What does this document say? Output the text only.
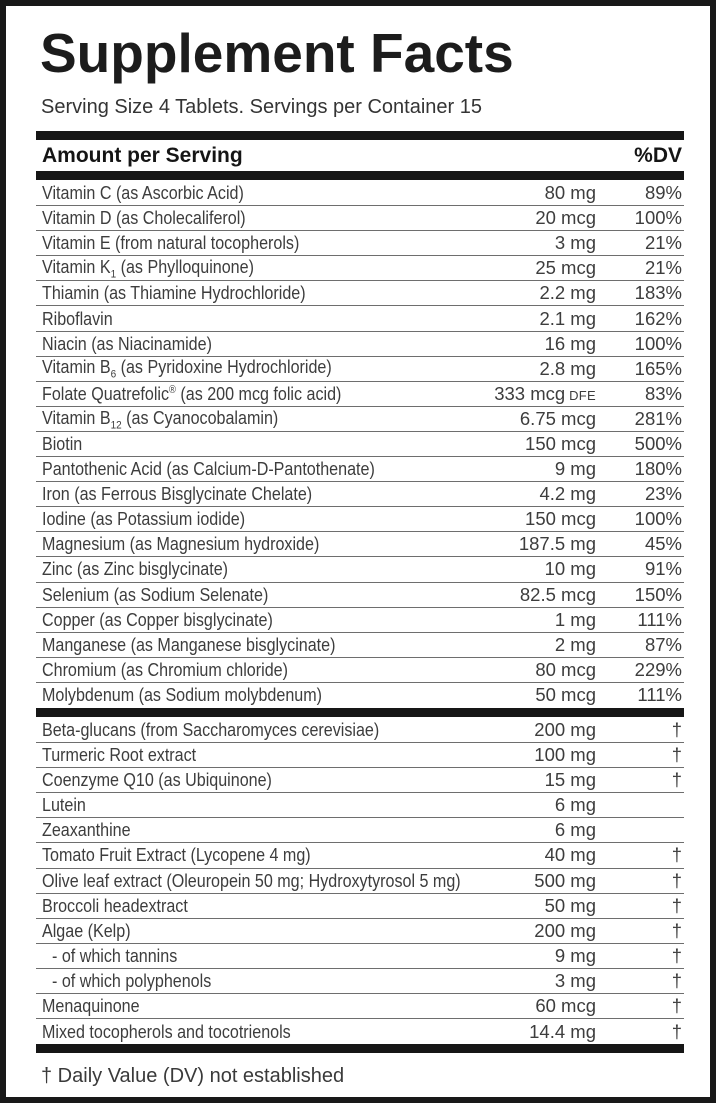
Supplement Facts
Serving Size 4 Tablets. Servings per Container 15
Amount per Serving	%DV
Vitamin C (as Ascorbic Acid)	80 mg	89%
Vitamin D (as Cholecaliferol)	20 mcg	100%
Vitamin E (from natural tocopherols)	3 mg	21%
Vitamin $K_1$ (as Phylloquinone)	25 mcg	21%
Thiamin (as Thiamine Hydrochloride)	2.2 mg	183%
Riboflavin	2.1 mg	162%
Niacin (as Niacinamide)	16 mg	100%
Vitamin $B_6$ (as Pyridoxine Hydrochloride)	2.8 mg	165%
Folate Quatrefolic® (as 200 mcg folic acid)	333 mcg DFE	83%
Vitamin $B_{12}$ (as Cyanocobalamin)	6.75 mcg	281%
Biotin	150 mcg	500%
Pantothenic Acid (as Calcium-D-Pantothenate)	9 mg	180%
Iron (as Ferrous Bisglycinate Chelate)	4.2 mg	23%
Iodine (as Potassium iodide)	150 mcg	100%
Magnesium (as Magnesium hydroxide)	187.5 mg	45%
Zinc (as Zinc bisglycinate)	10 mg	91%
Selenium (as Sodium Selenate)	82.5 mcg	150%
Copper (as Copper bisglycinate)	1 mg	111%
Manganese (as Manganese bisglycinate)	2 mg	87%
Chromium (as Chromium chloride)	80 mcg	229%
Molybdenum (as Sodium molybdenum)	50 mcg	111%
Beta-glucans (from Saccharomyces cerevisiae)	200 mg	†
Turmeric Root extract	100 mg	†
Coenzyme Q10 (as Ubiquinone)	15 mg	†
Lutein	6 mg
Zeaxanthine	6 mg
Tomato Fruit Extract (Lycopene 4 mg)	40 mg	†
Olive leaf extract (Oleuropein 50 mg; Hydroxytyrosol 5 mg)	500 mg	†
Broccoli headextract	50 mg	†
Algae (Kelp)	200 mg	†
- of which tannins	9 mg	†
- of which polyphenols	3 mg	†
Menaquinone	60 mcg	†
Mixed tocopherols and tocotrienols	14.4 mg	†
† Daily Value (DV) not established
